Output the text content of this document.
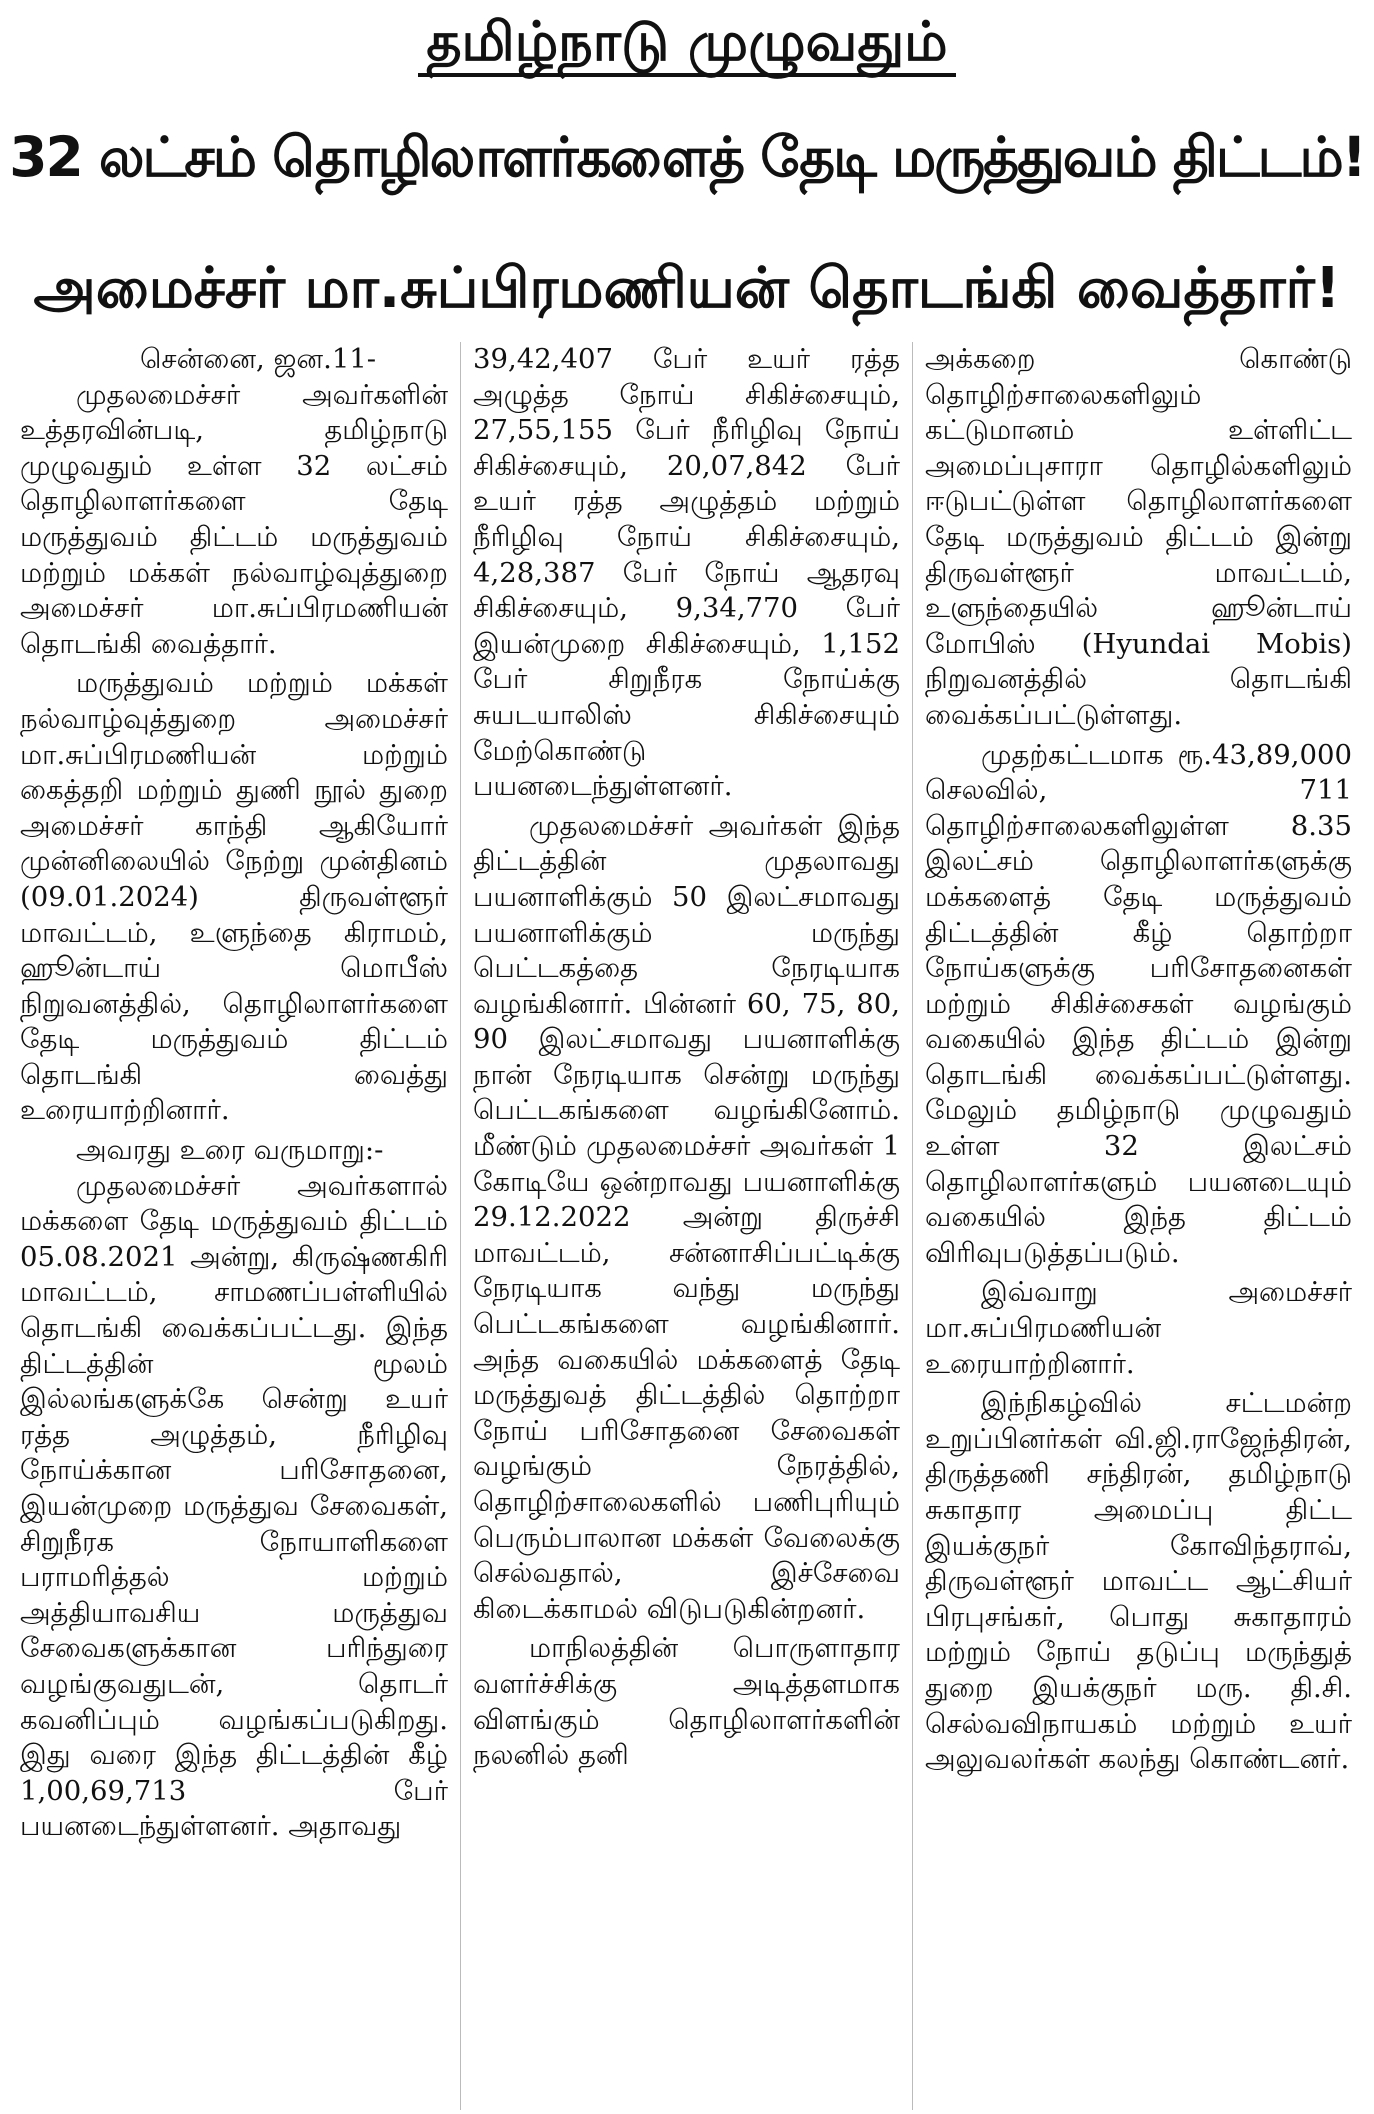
தமிழ்நாடு முழுவதும்
32 லட்சம் தொழிலாளர்களைத் தேடி மருத்துவம் திட்டம்!
அமைச்சர் மா.சுப்பிரமணியன் தொடங்கி வைத்தார்!

சென்னை, ஜன.11-

முதலமைச்சர் அவர்களின் உத்தரவின்படி, தமிழ்நாடு முழுவதும் உள்ள 32 லட்சம் தொழிலாளர்களை தேடி மருத்துவம் திட்டம் மருத்துவம் மற்றும் மக்கள் நல்வாழ்வுத்துறை அமைச்சர் மா.சுப்பிரமணியன் தொடங்கி வைத்தார்.

மருத்துவம் மற்றும் மக்கள் நல்வாழ்வுத்துறை அமைச்சர் மா.சுப்பிரமணியன் மற்றும் கைத்தறி மற்றும் துணி நூல் துறை அமைச்சர் காந்தி ஆகியோர் முன்னிலையில் நேற்று முன்தினம் (09.01.2024) திருவள்ளூர் மாவட்டம், உளுந்தை கிராமம், ஹூன்டாய் மொபீஸ் நிறுவனத்தில், தொழிலாளர்களை தேடி மருத்துவம் திட்டம் தொடங்கி வைத்து உரையாற்றினார்.

அவரது உரை வருமாறு:-

முதலமைச்சர் அவர்களால் மக்களை தேடி மருத்துவம் திட்டம் 05.08.2021 அன்று, கிருஷ்ணகிரி மாவட்டம், சாமணப்பள்ளியில் தொடங்கி வைக்கப்பட்டது. இந்த திட்டத்தின் மூலம் இல்லங்களுக்கே சென்று உயர் ரத்த அழுத்தம், நீரிழிவு நோய்க்கான பரிசோதனை, இயன்முறை மருத்துவ சேவைகள், சிறுநீரக நோயாளிகளை பராமரித்தல் மற்றும் அத்தியாவசிய மருத்துவ சேவைகளுக்கான பரிந்துரை வழங்குவதுடன், தொடர் கவனிப்பும் வழங்கப்படுகிறது. இது வரை இந்த திட்டத்தின் கீழ் 1,00,69,713 பேர் பயனடைந்துள்ளனர். அதாவது

39,42,407 பேர் உயர் ரத்த அழுத்த நோய் சிகிச்சையும், 27,55,155 பேர் நீரிழிவு நோய் சிகிச்சையும், 20,07,842 பேர் உயர் ரத்த அழுத்தம் மற்றும் நீரிழிவு நோய் சிகிச்சையும், 4,28,387 பேர் நோய் ஆதரவு சிகிச்சையும், 9,34,770 பேர் இயன்முறை சிகிச்சையும், 1,152 பேர் சிறுநீரக நோய்க்கு சுயடயாலிஸ் சிகிச்சையும் மேற்கொண்டு பயனடைந்துள்ளனர்.

முதலமைச்சர் அவர்கள் இந்த திட்டத்தின் முதலாவது பயனாளிக்கும் 50 இலட்சமாவது பயனாளிக்கும் மருந்து பெட்டகத்தை நேரடியாக வழங்கினார். பின்னர் 60, 75, 80, 90 இலட்சமாவது பயனாளிக்கு நான் நேரடியாக சென்று மருந்து பெட்டகங்களை வழங்கினோம். மீண்டும் முதலமைச்சர் அவர்கள் 1 கோடியே ஒன்றாவது பயனாளிக்கு 29.12.2022 அன்று திருச்சி மாவட்டம், சன்னாசிப்பட்டிக்கு நேரடியாக வந்து மருந்து பெட்டகங்களை வழங்கினார். அந்த வகையில் மக்களைத் தேடி மருத்துவத் திட்டத்தில் தொற்றா நோய் பரிசோதனை சேவைகள் வழங்கும் நேரத்தில், தொழிற்சாலைகளில் பணிபுரியும் பெரும்பாலான மக்கள் வேலைக்கு செல்வதால், இச்சேவை கிடைக்காமல் விடுபடுகின்றனர்.

மாநிலத்தின் பொருளாதார வளர்ச்சிக்கு அடித்தளமாக விளங்கும் தொழிலாளர்களின் நலனில் தனி

அக்கறை கொண்டு தொழிற்சாலைகளிலும் கட்டுமானம் உள்ளிட்ட அமைப்புசாரா தொழில்களிலும் ஈடுபட்டுள்ள தொழிலாளர்களை தேடி மருத்துவம் திட்டம் இன்று திருவள்ளூர் மாவட்டம், உளுந்தையில் ஹூன்டாய் மோபிஸ் (Hyundai Mobis) நிறுவனத்தில் தொடங்கி வைக்கப்பட்டுள்ளது.

முதற்கட்டமாக ரூ.43,89,000 செலவில், 711 தொழிற்சாலைகளிலுள்ள 8.35 இலட்சம் தொழிலாளர்களுக்கு மக்களைத் தேடி மருத்துவம் திட்டத்தின் கீழ் தொற்றா நோய்களுக்கு பரிசோதனைகள் மற்றும் சிகிச்சைகள் வழங்கும் வகையில் இந்த திட்டம் இன்று தொடங்கி வைக்கப்பட்டுள்ளது. மேலும் தமிழ்நாடு முழுவதும் உள்ள 32 இலட்சம் தொழிலாளர்களும் பயனடையும் வகையில் இந்த திட்டம் விரிவுபடுத்தப்படும்.

இவ்வாறு அமைச்சர் மா.சுப்பிரமணியன் உரையாற்றினார்.

இந்நிகழ்வில் சட்டமன்ற உறுப்பினர்கள் வி.ஜி.ராஜேந்திரன், திருத்தணி சந்திரன், தமிழ்நாடு சுகாதார அமைப்பு திட்ட இயக்குநர் கோவிந்தராவ், திருவள்ளூர் மாவட்ட ஆட்சியர் பிரபுசங்கர், பொது சுகாதாரம் மற்றும் நோய் தடுப்பு மருந்துத் துறை இயக்குநர் மரு. தி.சி. செல்வவிநாயகம் மற்றும் உயர் அலுவலர்கள் கலந்து கொண்டனர்.
